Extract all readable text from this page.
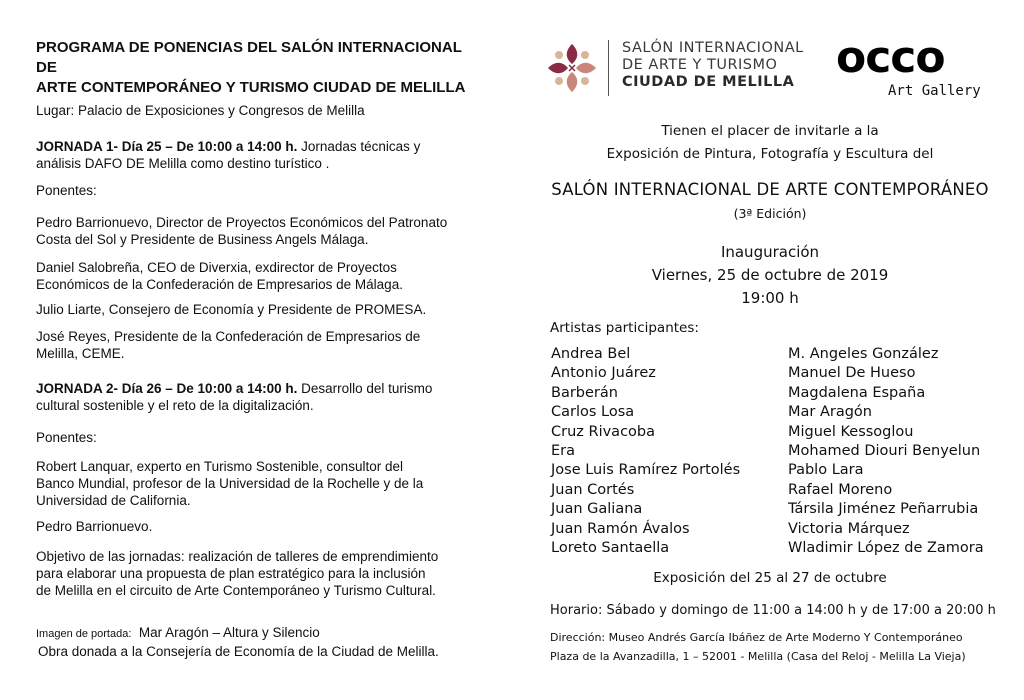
PROGRAMA DE PONENCIAS DEL SALÓN INTERNACIONAL DE
ARTE CONTEMPORÁNEO Y TURISMO CIUDAD DE MELILLA
Lugar: Palacio de Exposiciones y Congresos de Melilla
JORNADA 1- Día 25 – De 10:00 a 14:00 h. Jornadas técnicas y
análisis DAFO DE Melilla como destino turístico .
Ponentes:
Pedro Barrionuevo, Director de Proyectos Económicos del Patronato
Costa del Sol y Presidente de Business Angels Málaga.
Daniel Salobreña, CEO de Diverxia, exdirector de Proyectos
Económicos de la Confederación de Empresarios de Málaga.
Julio Liarte, Consejero de Economía y Presidente de PROMESA.
José Reyes, Presidente de la Confederación de Empresarios de
Melilla, CEME.
JORNADA 2- Día 26 – De 10:00 a 14:00 h. Desarrollo del turismo
cultural sostenible y el reto de la digitalización.
Ponentes:
Robert Lanquar, experto en Turismo Sostenible, consultor del
Banco Mundial, profesor de la Universidad de la Rochelle y de la
Universidad de California.
Pedro Barrionuevo.
Objetivo de las jornadas: realización de talleres de emprendimiento
para elaborar una propuesta de plan estratégico para la inclusión
de Melilla en el circuito de Arte Contemporáneo y Turismo Cultural.
Imagen de portada: Mar Aragón – Altura y Silencio
Obra donada a la Consejería de Economía de la Ciudad de Melilla.
SALÓN INTERNACIONAL
DE ARTE Y TURISMO
CIUDAD DE MELILLA occo
Art Gallery
Tienen el placer de invitarle a la
Exposición de Pintura, Fotografía y Escultura del
SALÓN INTERNACIONAL DE ARTE CONTEMPORÁNEO
(3ª Edición)
Inauguración
Viernes, 25 de octubre de 2019
19:00 h
Artistas participantes:
Andrea Bel
Antonio Juárez
Barberán
Carlos Losa
Cruz Rivacoba
Era
Jose Luis Ramírez Portolés
Juan Cortés
Juan Galiana
Juan Ramón Ávalos
Loreto Santaella
M. Angeles González
Manuel De Hueso
Magdalena España
Mar Aragón
Miguel Kessoglou
Mohamed Diouri Benyelun
Pablo Lara
Rafael Moreno
Társila Jiménez Peñarrubia
Victoria Márquez
Wladimir López de Zamora
Exposición del 25 al 27 de octubre
Horario: Sábado y domingo de 11:00 a 14:00 h y de 17:00 a 20:00 h
Dirección: Museo Andrés García Ibáñez de Arte Moderno Y Contemporáneo
Plaza de la Avanzadilla, 1 – 52001 - Melilla (Casa del Reloj - Melilla La Vieja)
